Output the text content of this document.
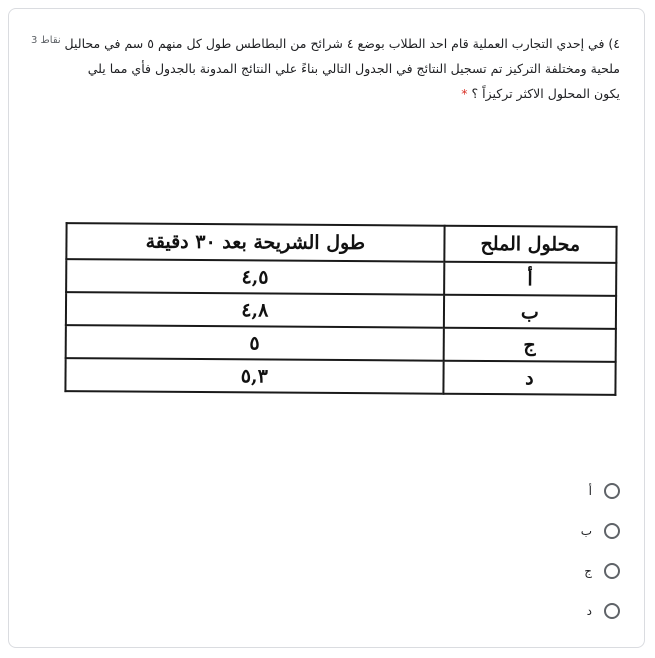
٤) في إحدي التجارب العملية قام احد الطلاب بوضع ٤ شرائح من البطاطس طول كل منهم ٥ سم في محاليل ملحية ومختلفة التركيز تم تسجيل النتائج في الجدول التالي بناءً علي النتائج المدونة بالجدول فأي مما يلي يكون المحلول الاكثر تركيزاً ؟ *
3 نقاط
محلول الملح	طول الشريحة بعد ٣٠ دقيقة
أ	٤,٥
ب	٤,٨
ج	٥
د	٥,٣
أ
ب
ج
د
